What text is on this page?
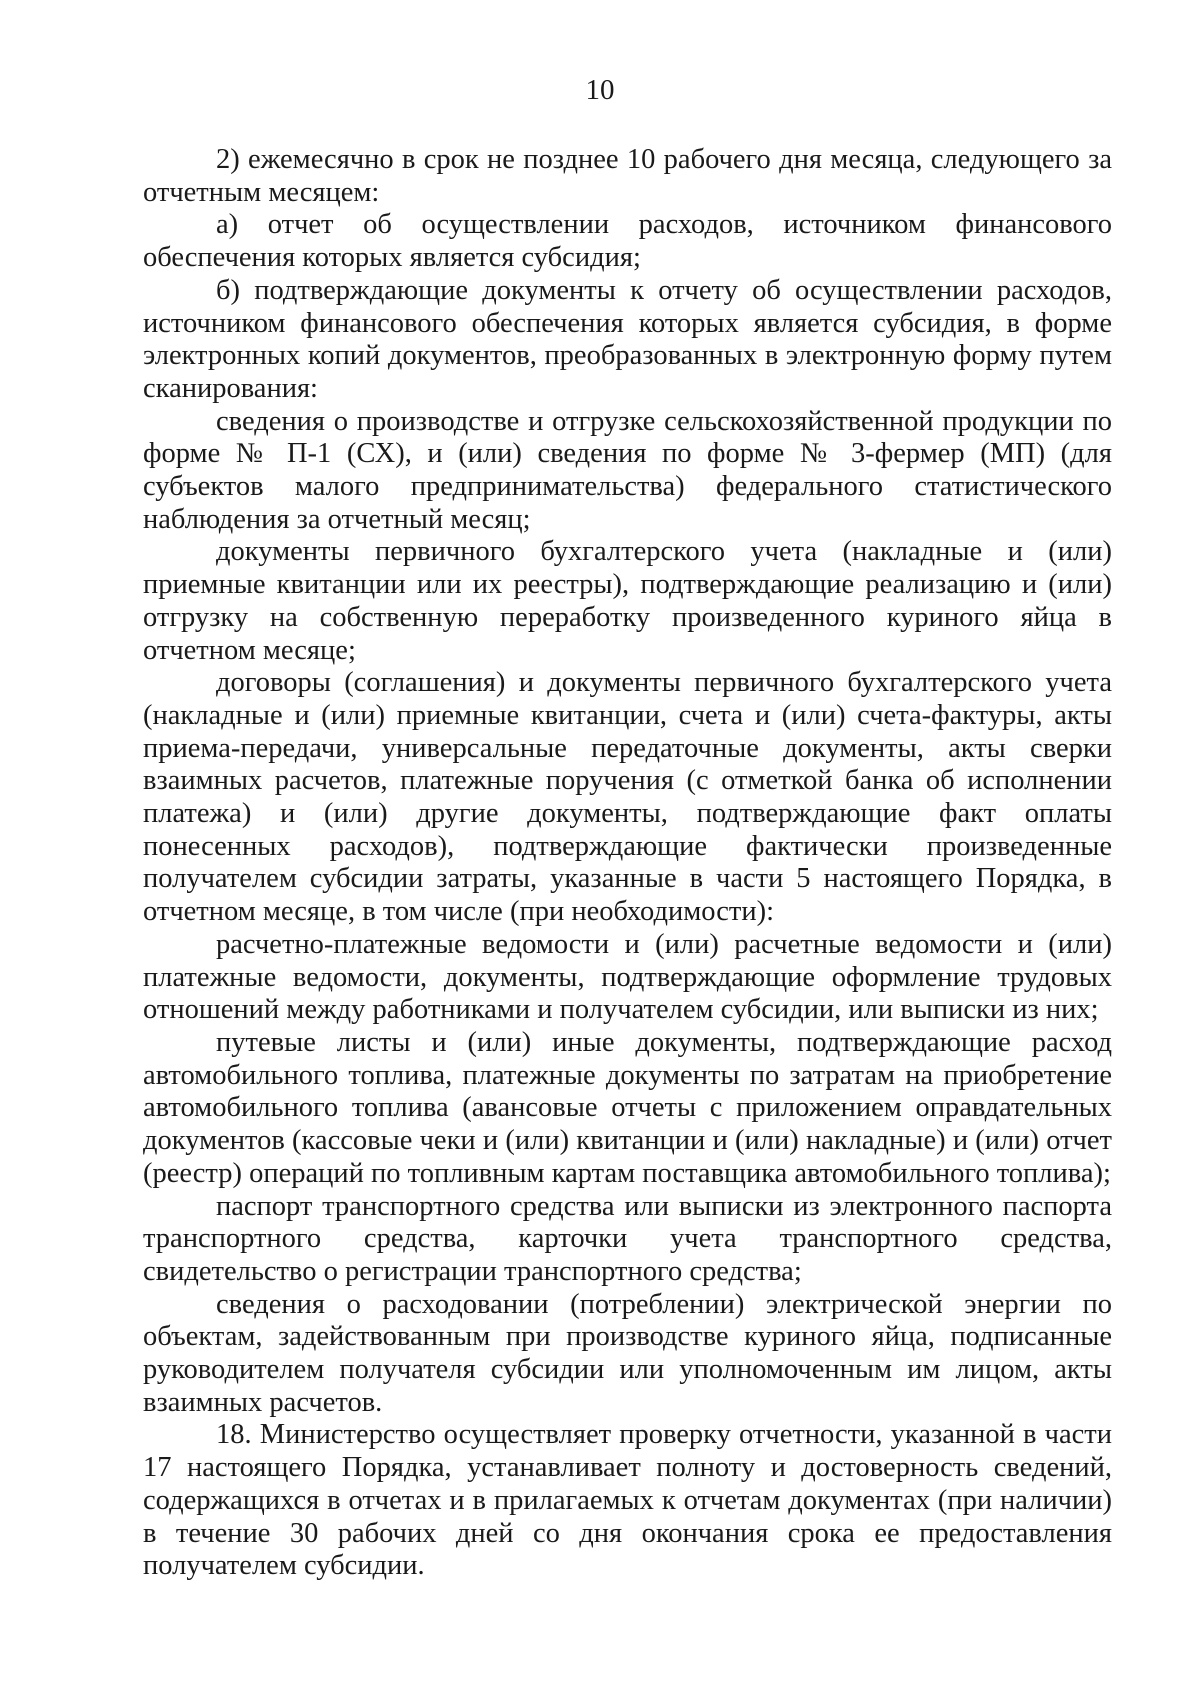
10

2) ежемесячно в срок не позднее 10 рабочего дня месяца, следующего за отчетным месяцем:

а) отчет об осуществлении расходов, источником финансового обеспечения которых является субсидия;

б) подтверждающие документы к отчету об осуществлении расходов, источником финансового обеспечения которых является субсидия, в форме электронных копий документов, преобразованных в электронную форму путем сканирования:

сведения о производстве и отгрузке сельскохозяйственной продукции по форме № П-1 (СХ), и (или) сведения по форме № 3-фермер (МП) (для субъектов малого предпринимательства) федерального статистического наблюдения за отчетный месяц;

документы первичного бухгалтерского учета (накладные и (или) приемные квитанции или их реестры), подтверждающие реализацию и (или) отгрузку на собственную переработку произведенного куриного яйца в отчетном месяце;

договоры (соглашения) и документы первичного бухгалтерского учета (накладные и (или) приемные квитанции, счета и (или) счета-фактуры, акты приема-передачи, универсальные передаточные документы, акты сверки взаимных расчетов, платежные поручения (с отметкой банка об исполнении платежа) и (или) другие документы, подтверждающие факт оплаты понесенных расходов), подтверждающие фактически произведенные получателем субсидии затраты, указанные в части 5 настоящего Порядка, в отчетном месяце, в том числе (при необходимости):

расчетно-платежные ведомости и (или) расчетные ведомости и (или) платежные ведомости, документы, подтверждающие оформление трудовых отношений между работниками и получателем субсидии, или выписки из них;

путевые листы и (или) иные документы, подтверждающие расход автомобильного топлива, платежные документы по затратам на приобретение автомобильного топлива (авансовые отчеты с приложением оправдательных документов (кассовые чеки и (или) квитанции и (или) накладные) и (или) отчет (реестр) операций по топливным картам поставщика автомобильного топлива);

паспорт транспортного средства или выписки из электронного паспорта транспортного средства, карточки учета транспортного средства, свидетельство о регистрации транспортного средства;

сведения о расходовании (потреблении) электрической энергии по объектам, задействованным при производстве куриного яйца, подписанные руководителем получателя субсидии или уполномоченным им лицом, акты взаимных расчетов.

18. Министерство осуществляет проверку отчетности, указанной в части 17 настоящего Порядка, устанавливает полноту и достоверность сведений, содержащихся в отчетах и в прилагаемых к отчетам документах (при наличии) в течение 30 рабочих дней со дня окончания срока ее предоставления получателем субсидии.
